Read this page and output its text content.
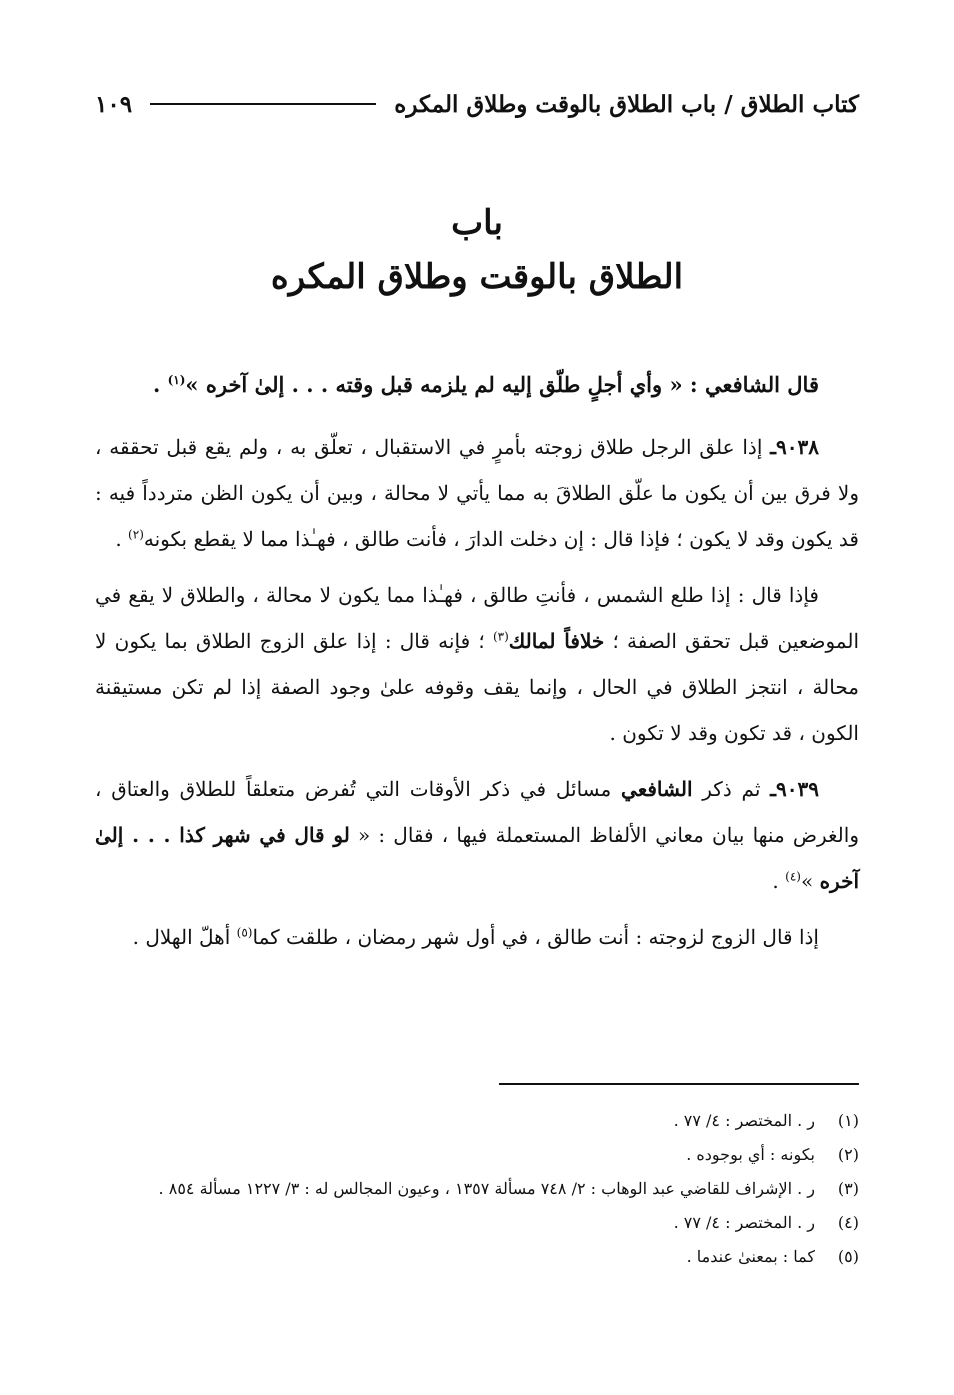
كتاب الطلاق / باب الطلاق بالوقت وطلاق المكره
١٠٩
باب
الطلاق بالوقت وطلاق المكره

قال الشافعي : « وأي أجلٍ طلّق إليه لم يلزمه قبل وقته . . . إلىٰ آخره »$^{(١)}$ .

٩٠٣٨ـ إذا علق الرجل طلاق زوجته بأمرٍ في الاستقبال ، تعلّق به ، ولم يقع قبل تحققه ، ولا فرق بين أن يكون ما علّق الطلاقَ به مما يأتي لا محالة ، وبين أن يكون الظن متردداً فيه : قد يكون وقد لا يكون ؛ فإذا قال : إن دخلت الدارَ ، فأنت طالق ، فهـٰذا مما لا يقطع بكونه$^{(٢)}$ .

فإذا قال : إذا طلع الشمس ، فأنتِ طالق ، فهـٰذا مما يكون لا محالة ، والطلاق لا يقع في الموضعين قبل تحقق الصفة ؛ خلافاً لمالك$^{(٣)}$ ؛ فإنه قال : إذا علق الزوج الطلاق بما يكون لا محالة ، انتجز الطلاق في الحال ، وإنما يقف وقوفه علىٰ وجود الصفة إذا لم تكن مستيقنة الكون ، قد تكون وقد لا تكون .

٩٠٣٩ـ ثم ذكر الشافعي مسائل في ذكر الأوقات التي تُفرض متعلقاً للطلاق والعتاق ، والغرض منها بيان معاني الألفاظ المستعملة فيها ، فقال : « لو قال في شهر كذا . . . إلىٰ آخره »$^{(٤)}$ .

إذا قال الزوج لزوجته : أنت طالق ، في أول شهر رمضان ، طلقت كما$^{(٥)}$ أهلّ الهلال .

(١)
ر . المختصر : ٤/ ٧٧ .
(٢)
بكونه : أي بوجوده .
(٣)
ر . الإشراف للقاضي عبد الوهاب : ٢/ ٧٤٨ مسألة ١٣٥٧ ، وعيون المجالس له : ٣/ ١٢٢٧ مسألة ٨٥٤ .
(٤)
ر . المختصر : ٤/ ٧٧ .
(٥)
كما : بمعنىٰ عندما .
